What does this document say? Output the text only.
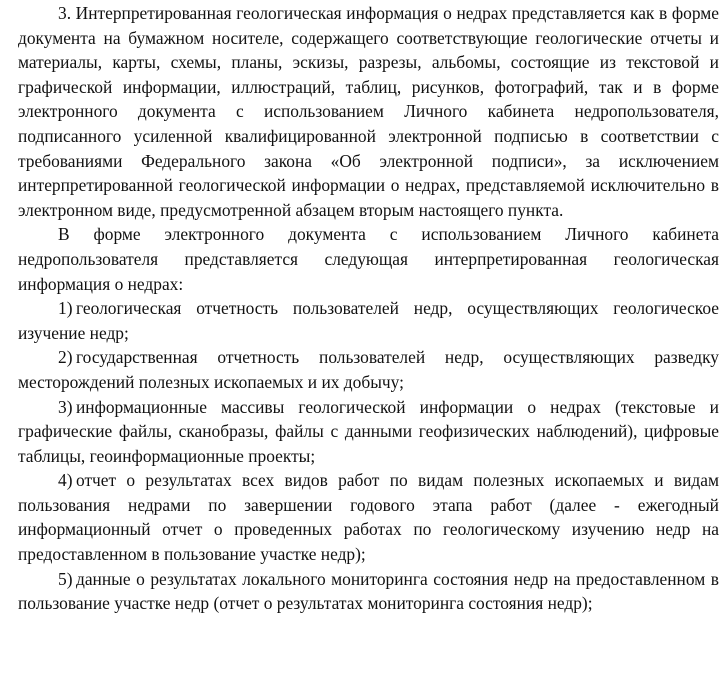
3. Интерпретированная геологическая информация о недрах представляется как в форме документа на бумажном носителе, содержащего соответствующие геологические отчеты и материалы, карты, схемы, планы, эскизы, разрезы, альбомы, состоящие из текстовой и графической информации, иллюстраций, таблиц, рисунков, фотографий, так и в форме электронного документа с использованием Личного кабинета недропользователя, подписанного усиленной квалифицированной электронной подписью в соответствии с требованиями Федерального закона «Об электронной подписи», за исключением интерпретированной геологической информации о недрах, представляемой исключительно в электронном виде, предусмотренной абзацем вторым настоящего пункта.

В форме электронного документа с использованием Личного кабинета недропользователя представляется следующая интерпретированная геологическая информация о недрах:

1)  геологическая отчетность пользователей недр, осуществляющих геологическое изучение недр;

2)  государственная отчетность пользователей недр, осуществляющих разведку месторождений полезных ископаемых и их добычу;

3)  информационные массивы геологической информации о недрах (текстовые и графические файлы, сканобразы, файлы с данными геофизических наблюдений), цифровые таблицы, геоинформационные проекты;

4)  отчет о результатах всех видов работ по видам полезных ископаемых и видам пользования недрами по завершении годового этапа работ (далее - ежегодный информационный отчет о проведенных работах по геологическому изучению недр на предоставленном в пользование участке недр);

5)  данные о результатах локального мониторинга состояния недр на предоставленном в пользование участке недр (отчет о результатах мониторинга состояния недр);
